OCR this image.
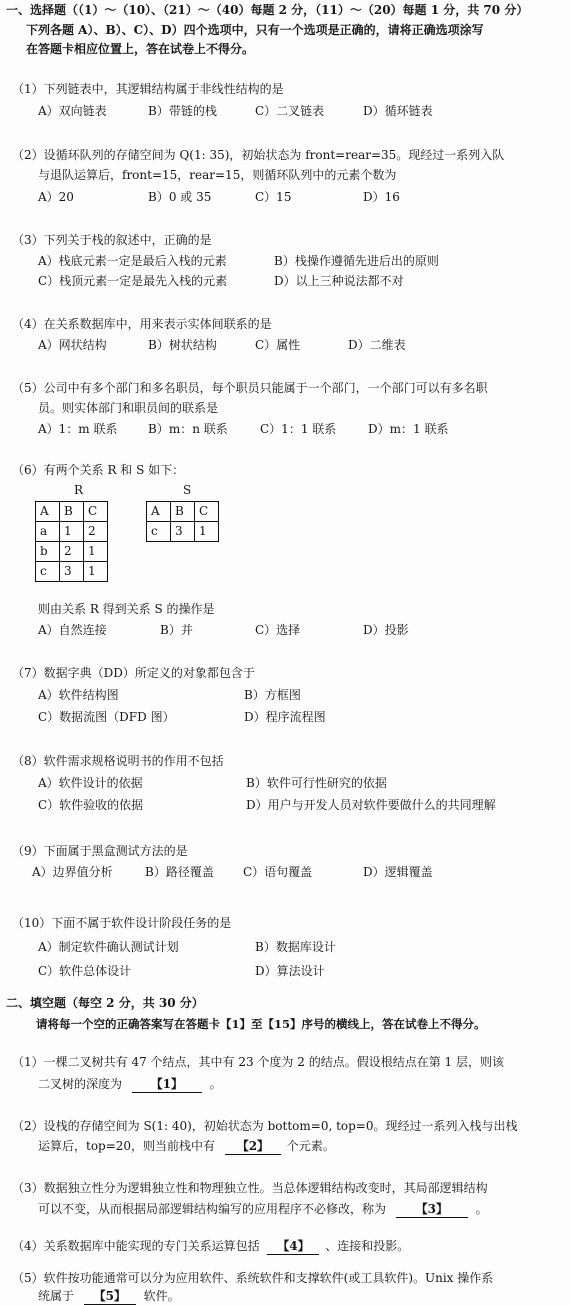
一、选择题（（1）～（10）、（21）～（40）每题 2 分，（11）～（20）每题 1 分，共 70 分）
下列各题 A）、B）、C）、D）四个选项中，只有一个选项是正确的，请将正确选项涂写
在答题卡相应位置上，答在试卷上不得分。
（1）下列链表中，其逻辑结构属于非线性结构的是
A）双向链表	B）带链的栈	C）二叉链表	D）循环链表
（2）设循环队列的存储空间为 Q(1: 35)，初始状态为 front=rear=35。现经过一系列入队
与退队运算后，front=15，rear=15，则循环队列中的元素个数为
A）20	B）0 或 35	C）15	D）16
（3）下列关于栈的叙述中，正确的是
A）栈底元素一定是最后入栈的元素	B）栈操作遵循先进后出的原则
C）栈顶元素一定是最先入栈的元素	D）以上三种说法都不对
（4）在关系数据库中，用来表示实体间联系的是
A）网状结构	B）树状结构	C）属性	D）二维表
（5）公司中有多个部门和多名职员，每个职员只能属于一个部门，一个部门可以有多名职
员。则实体部门和职员间的联系是
A）1：m 联系	B）m：n 联系	C）1：1 联系	D）m：1 联系
（6）有两个关系 R 和 S 如下：
R	S
A	B	C
a	1	2
b	2	1
c	3	1
A	B	C
c	3	1
则由关系 R 得到关系 S 的操作是
A）自然连接	B）并	C）选择	D）投影
（7）数据字典（DD）所定义的对象都包含于
A）软件结构图	B）方框图
C）数据流图（DFD 图）	D）程序流程图
（8）软件需求规格说明书的作用不包括
A）软件设计的依据	B）软件可行性研究的依据
C）软件验收的依据	D）用户与开发人员对软件要做什么的共同理解
（9）下面属于黑盒测试方法的是
A）边界值分析	B）路径覆盖 C）语句覆盖	D）逻辑覆盖
（10）下面不属于软件设计阶段任务的是
A）制定软件确认测试计划	B）数据库设计
C）软件总体设计	D）算法设计
二、填空题（每空 2 分，共 30 分）
请将每一个空的正确答案写在答题卡【1】至【15】序号的横线上，答在试卷上不得分。
（1）一棵二叉树共有 47 个结点，其中有 23 个度为 2 的结点。假设根结点在第 1 层，则该
二叉树的深度为 【1】 。
（2）设栈的存储空间为 S(1: 40)，初始状态为 bottom=0, top=0。现经过一系列入栈与出栈
运算后，top=20，则当前栈中有 【2】 个元素。
（3）数据独立性分为逻辑独立性和物理独立性。当总体逻辑结构改变时，其局部逻辑结构
可以不变，从而根据局部逻辑结构编写的应用程序不必修改，称为 【3】 。
（4）关系数据库中能实现的专门关系运算包括 【4】 、连接和投影。
（5）软件按功能通常可以分为应用软件、系统软件和支撑软件(或工具软件)。Unix 操作系
统属于 【5】 软件。
